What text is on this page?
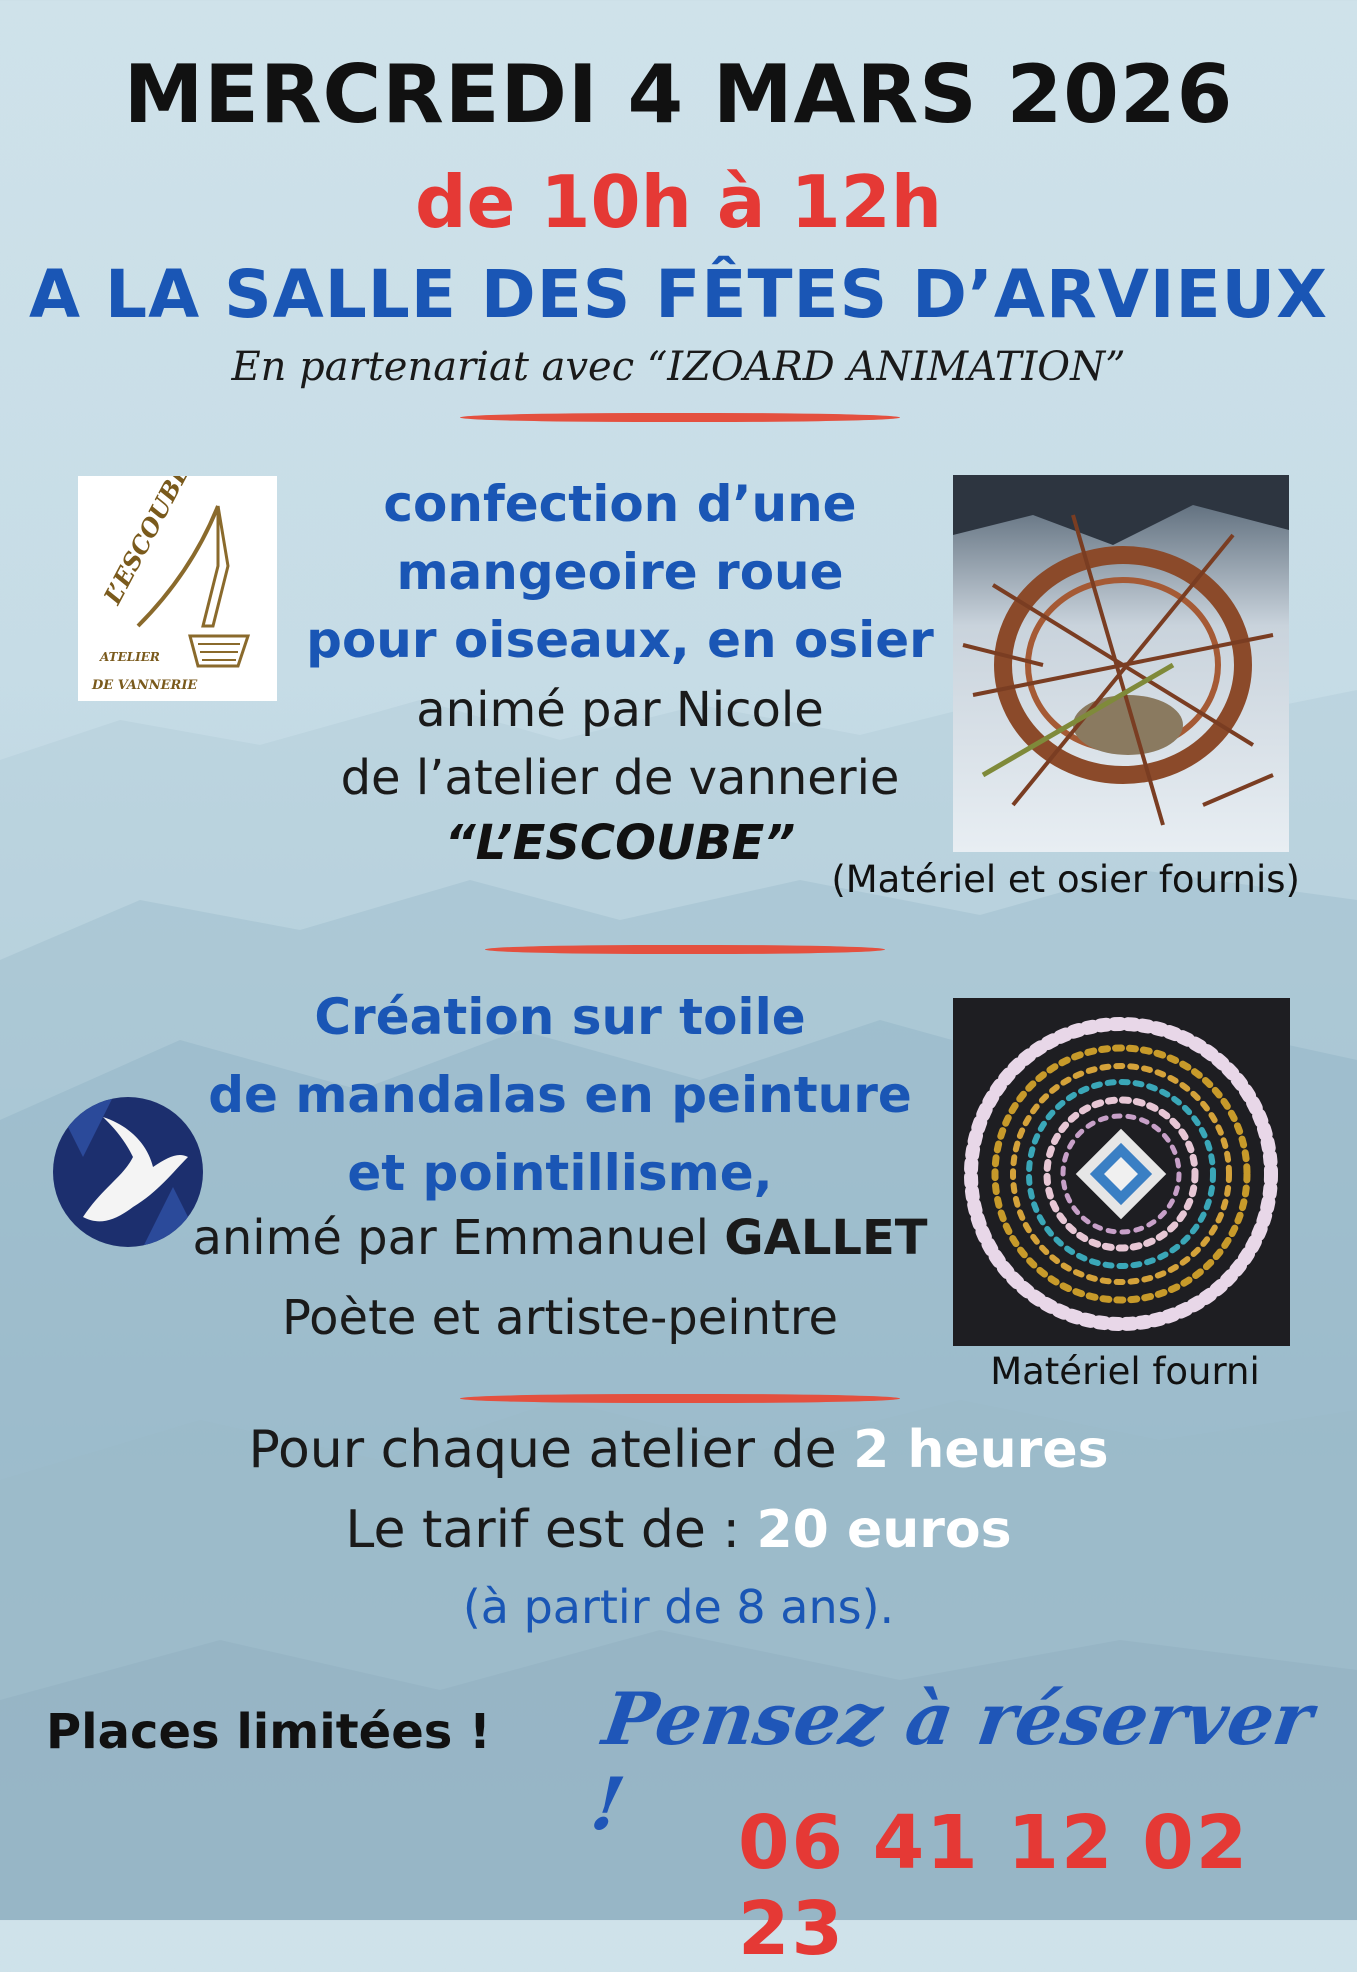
MERCREDI 4 MARS 2026
de 10h à 12h
A LA SALLE DES FÊTES D’ARVIEUX
En partenariat avec “IZOARD ANIMATION”
L’ESCOUBE !
ATELIER
DE VANNERIE
confection d’une
mangeoire roue
pour oiseaux, en osier
animé par Nicole
de l’atelier de vannerie
“L’ESCOUBE”
(Matériel et osier fournis)
Création sur toile
de mandalas en peinture
et pointillisme,
animé par Emmanuel GALLET
Poète et artiste-peintre
Matériel fourni
Pour chaque atelier de 2 heures
Le tarif est de : 20 euros
(à partir de 8 ans).
Places limitées ! Pensez à réserver !	06 41 12 02 23
